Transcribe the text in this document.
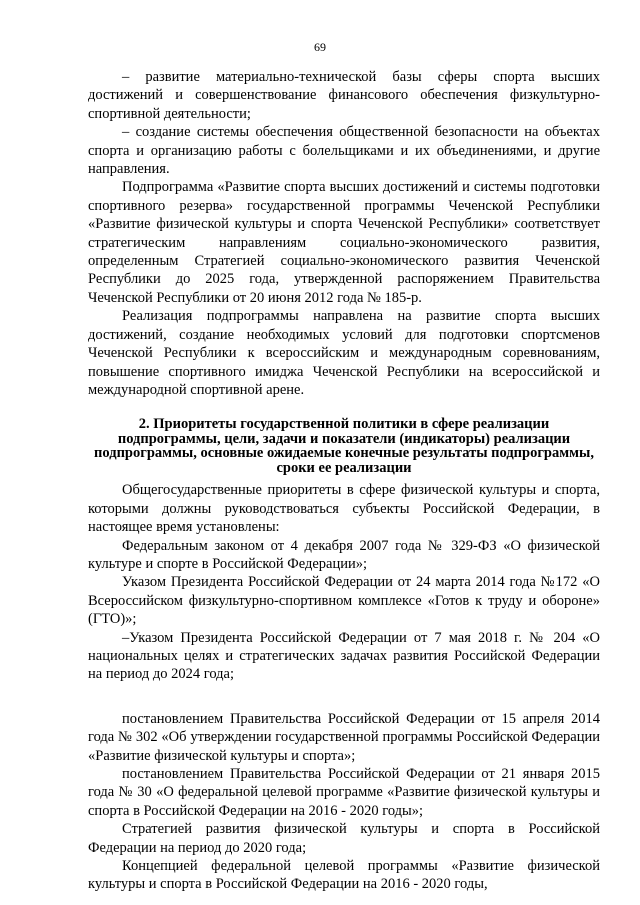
69

– развитие материально-технической базы сферы спорта высших достижений и совершенствование финансового обеспечения физкультурно-спортивной деятельности;

– создание системы обеспечения общественной безопасности на объектах спорта и организацию работы с болельщиками и их объединениями, и другие направления.

Подпрограмма «Развитие спорта высших достижений и системы подготовки спортивного резерва» государственной программы Чеченской Республики «Развитие физической культуры и спорта Чеченской Республики» соответствует стратегическим направлениям социально-экономического развития, определенным Стратегией социально-экономического развития Чеченской Республики до 2025 года, утвержденной распоряжением Правительства Чеченской Республики от 20 июня 2012 года № 185-р.

Реализация подпрограммы направлена на развитие спорта высших достижений, создание необходимых условий для подготовки спортсменов Чеченской Республики к всероссийским и международным соревнованиям, повышение спортивного имиджа Чеченской Республики на всероссийской и международной спортивной арене.

2. Приоритеты государственной политики в сфере реализации подпрограммы, цели, задачи и показатели (индикаторы) реализации подпрограммы, основные ожидаемые конечные результаты подпрограммы, сроки ее реализации

Общегосударственные приоритеты в сфере физической культуры и спорта, которыми должны руководствоваться субъекты Российской Федерации, в настоящее время установлены:

Федеральным законом от 4 декабря 2007 года № 329-ФЗ «О физической культуре и спорте в Российской Федерации»;

Указом Президента Российской Федерации от 24 марта 2014 года №172 «О Всероссийском физкультурно-спортивном комплексе «Готов к труду и обороне» (ГТО)»;

–Указом Президента Российской Федерации от 7 мая 2018 г. № 204 «О национальных целях и стратегических задачах развития Российской Федерации на период до 2024 года;

постановлением Правительства Российской Федерации от 15 апреля 2014 года № 302 «Об утверждении государственной программы Российской Федерации «Развитие физической культуры и спорта»;

постановлением Правительства Российской Федерации от 21 января 2015 года № 30 «О федеральной целевой программе «Развитие физической культуры и спорта в Российской Федерации на 2016 - 2020 годы»;

Стратегией развития физической культуры и спорта в Российской Федерации на период до 2020 года;

Концепцией федеральной целевой программы «Развитие физической культуры и спорта в Российской Федерации на 2016 - 2020 годы,
